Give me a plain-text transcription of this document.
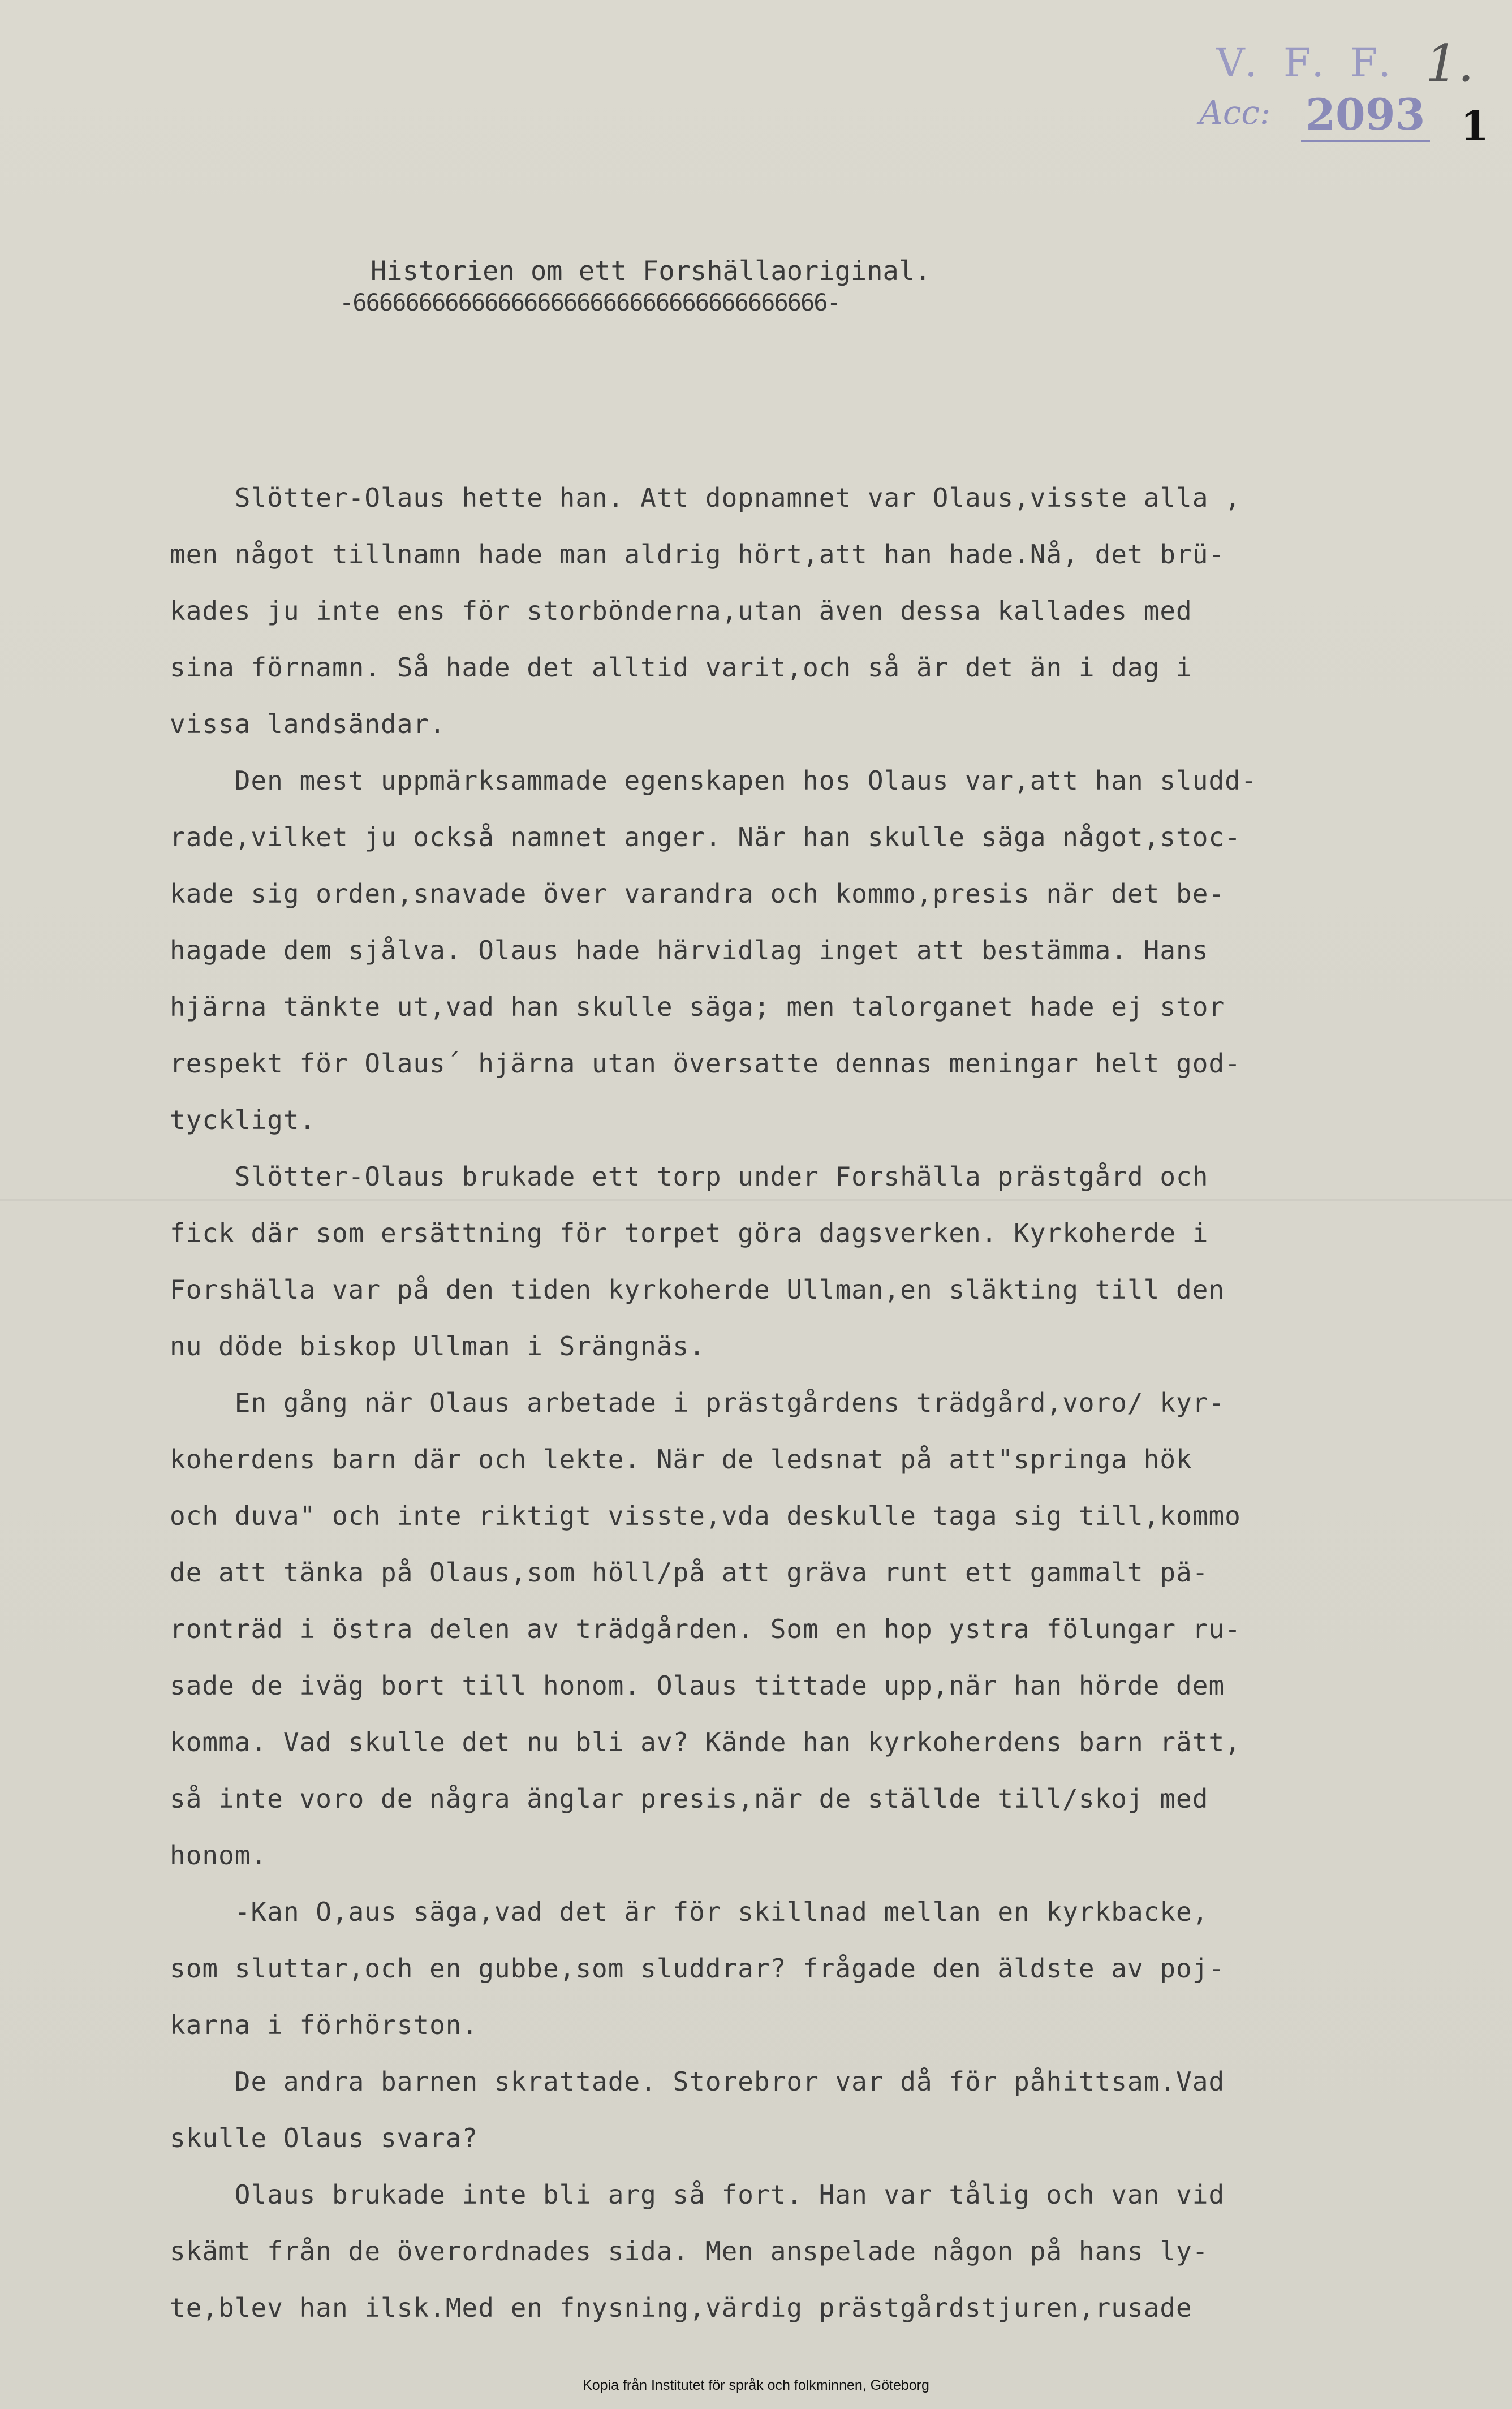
V. F. F.
Acc: 2093
1.
1
Historien om ett Forshällaoriginal.
-666666666666666666666666666666666666-
Slötter-Olaus hette han. Att dopnamnet var Olaus,visste alla ,
men något tillnamn hade man aldrig hört,att han hade.Nå, det brü-
kades ju inte ens för storbönderna,utan även dessa kallades med
sina förnamn. Så hade det alltid varit,och så är det än i dag i
vissa landsändar.
Den mest uppmärksammade egenskapen hos Olaus var,att han sludd-
rade,vilket ju också namnet anger. När han skulle säga något,stoc-
kade sig orden,snavade över varandra och kommo,presis när det be-
hagade dem sjålva. Olaus hade härvidlag inget att bestämma. Hans
hjärna tänkte ut,vad han skulle säga; men talorganet hade ej stor
respekt för Olaus´ hjärna utan översatte dennas meningar helt god-
tyckligt.
Slötter-Olaus brukade ett torp under Forshälla prästgård och
fick där som ersättning för torpet göra dagsverken. Kyrkoherde i
Forshälla var på den tiden kyrkoherde Ullman,en släkting till den
nu döde biskop Ullman i Srängnäs.
En gång när Olaus arbetade i prästgårdens trädgård,voro/ kyr-
koherdens barn där och lekte. När de ledsnat på att"springa hök
och duva" och inte riktigt visste,vda deskulle taga sig till,kommo
de att tänka på Olaus,som höll/på att gräva runt ett gammalt pä-
ronträd i östra delen av trädgården. Som en hop ystra fölungar ru-
sade de iväg bort till honom. Olaus tittade upp,när han hörde dem
komma. Vad skulle det nu bli av? Kände han kyrkoherdens barn rätt,
så inte voro de några änglar presis,när de ställde till/skoj med
honom.
-Kan O,aus säga,vad det är för skillnad mellan en kyrkbacke,
som sluttar,och en gubbe,som sluddrar? frågade den äldste av poj-
karna i förhörston.
De andra barnen skrattade. Storebror var då för påhittsam.Vad
skulle Olaus svara?
Olaus brukade inte bli arg så fort. Han var tålig och van vid
skämt från de överordnades sida. Men anspelade någon på hans ly-
te,blev han ilsk.Med en fnysning,värdig prästgårdstjuren,rusade
Kopia från Institutet för språk och folkminnen, Göteborg
